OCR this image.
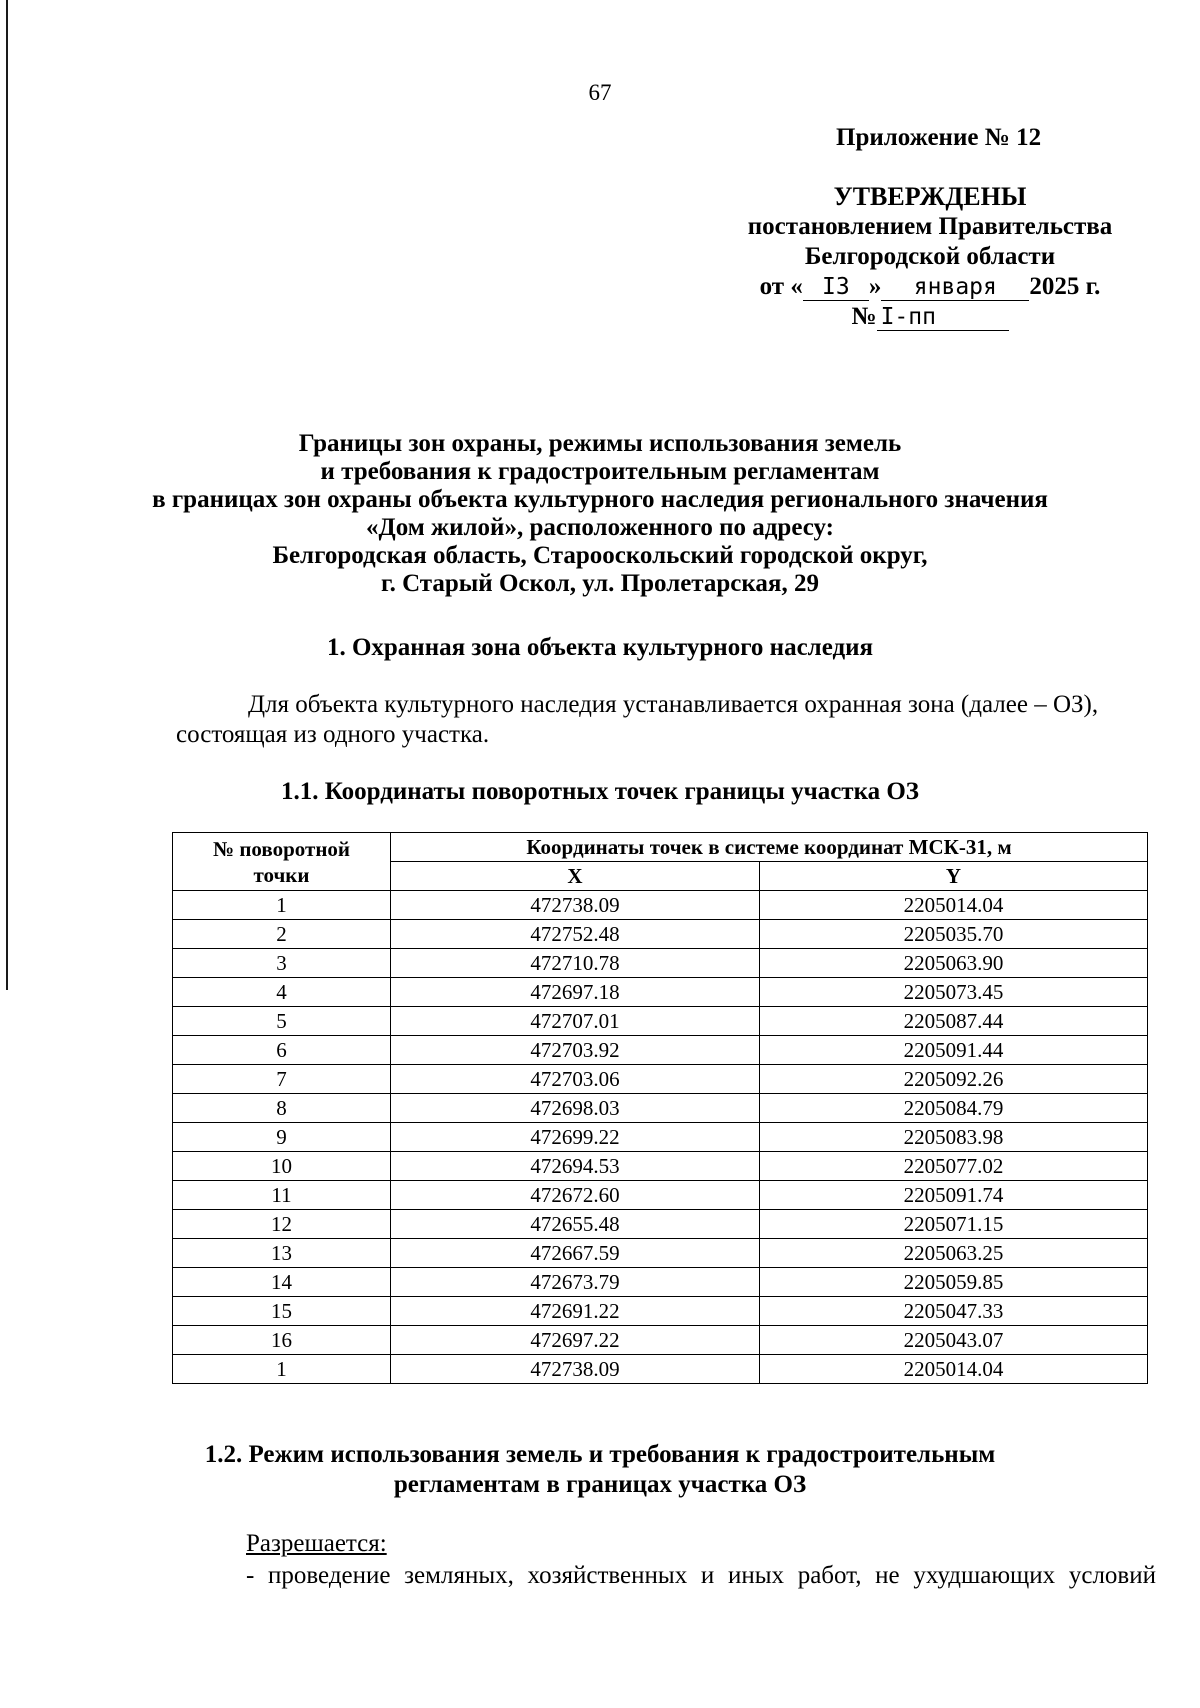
67
Приложение № 12
УТВЕРЖДЕНЫ
постановлением Правительства
Белгородской области
от « I3 » января 2025 г.
№ I-пп
Границы зон охраны, режимы использования земель
и требования к градостроительным регламентам
в границах зон охраны объекта культурного наследия регионального значения
«Дом жилой», расположенного по адресу:
Белгородская область, Старооскольский городской округ,
г. Старый Оскол, ул. Пролетарская, 29
1. Охранная зона объекта культурного наследия
Для объекта культурного наследия устанавливается охранная зона (далее – ОЗ),
состоящая из одного участка.
1.1. Координаты поворотных точек границы участка ОЗ
№ поворотной
точки	Координаты точек в системе координат МСК-31, м	
	X	Y
1	472738.09	2205014.04
2	472752.48	2205035.70
3	472710.78	2205063.90
4	472697.18	2205073.45
5	472707.01	2205087.44
6	472703.92	2205091.44
7	472703.06	2205092.26
8	472698.03	2205084.79
9	472699.22	2205083.98
10	472694.53	2205077.02
11	472672.60	2205091.74
12	472655.48	2205071.15
13	472667.59	2205063.25
14	472673.79	2205059.85
15	472691.22	2205047.33
16	472697.22	2205043.07
1	472738.09	2205014.04
1.2. Режим использования земель и требования к градостроительным
регламентам в границах участка ОЗ
Разрешается:
- проведение земляных, хозяйственных и иных работ, не ухудшающих условий
